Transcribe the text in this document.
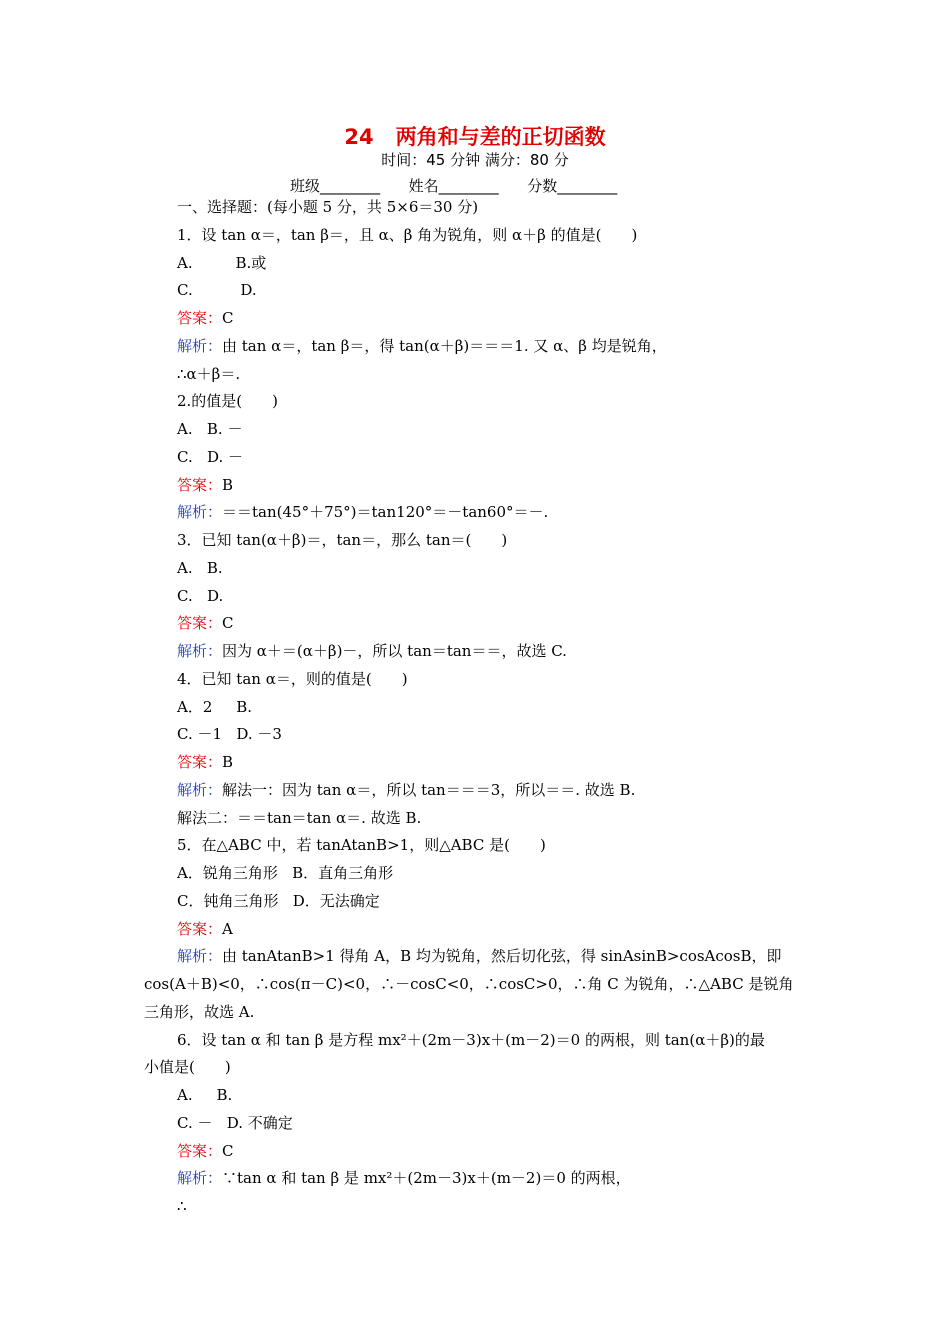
24   两角和与差的正切函数
时间：45 分钟 满分：80 分
班级________      姓名________      分数________
一、选择题：(每小题 5 分，共 5×6＝30 分)
1．设 tan α＝，tan β＝，且 α、β 角为锐角，则 α＋β 的值是(　　)
A.         B.或
C.          D.
答案：C
解析：由 tan α＝，tan β＝，得 tan(α＋β)＝＝＝1. 又 α、β 均是锐角，
∴α＋β＝.
2.的值是(　　)
A.   B. －
C.   D. －
答案：B
解析：＝＝tan(45°＋75°)＝tan120°＝－tan60°＝－.
3．已知 tan(α＋β)＝，tan＝，那么 tan＝(　　)
A.   B.
C.   D.
答案：C
解析：因为 α＋＝(α＋β)－，所以 tan＝tan＝＝，故选 C.
4．已知 tan α＝，则的值是(　　)
A．2     B.
C. －1   D. －3
答案：B
解析：解法一：因为 tan α＝，所以 tan＝＝＝3，所以＝＝. 故选 B.
解法二：＝＝tan＝tan α＝. 故选 B.
5．在△ABC 中，若 tanAtanB>1，则△ABC 是(　　)
A．锐角三角形   B．直角三角形
C．钝角三角形   D．无法确定
答案：A
解析：由 tanAtanB>1 得角 A，B 均为锐角，然后切化弦，得 sinAsinB>cosAcosB，即
cos(A＋B)<0，∴cos(π－C)<0，∴－cosC<0，∴cosC>0，∴角 C 为锐角，∴△ABC 是锐角
三角形，故选 A.
6．设 tan α 和 tan β 是方程 mx²＋(2m－3)x＋(m－2)＝0 的两根，则 tan(α＋β)的最
小值是(　　)
A.     B.
C. －   D. 不确定
答案：C
解析：∵tan α 和 tan β 是 mx²＋(2m－3)x＋(m－2)＝0 的两根，
∴
